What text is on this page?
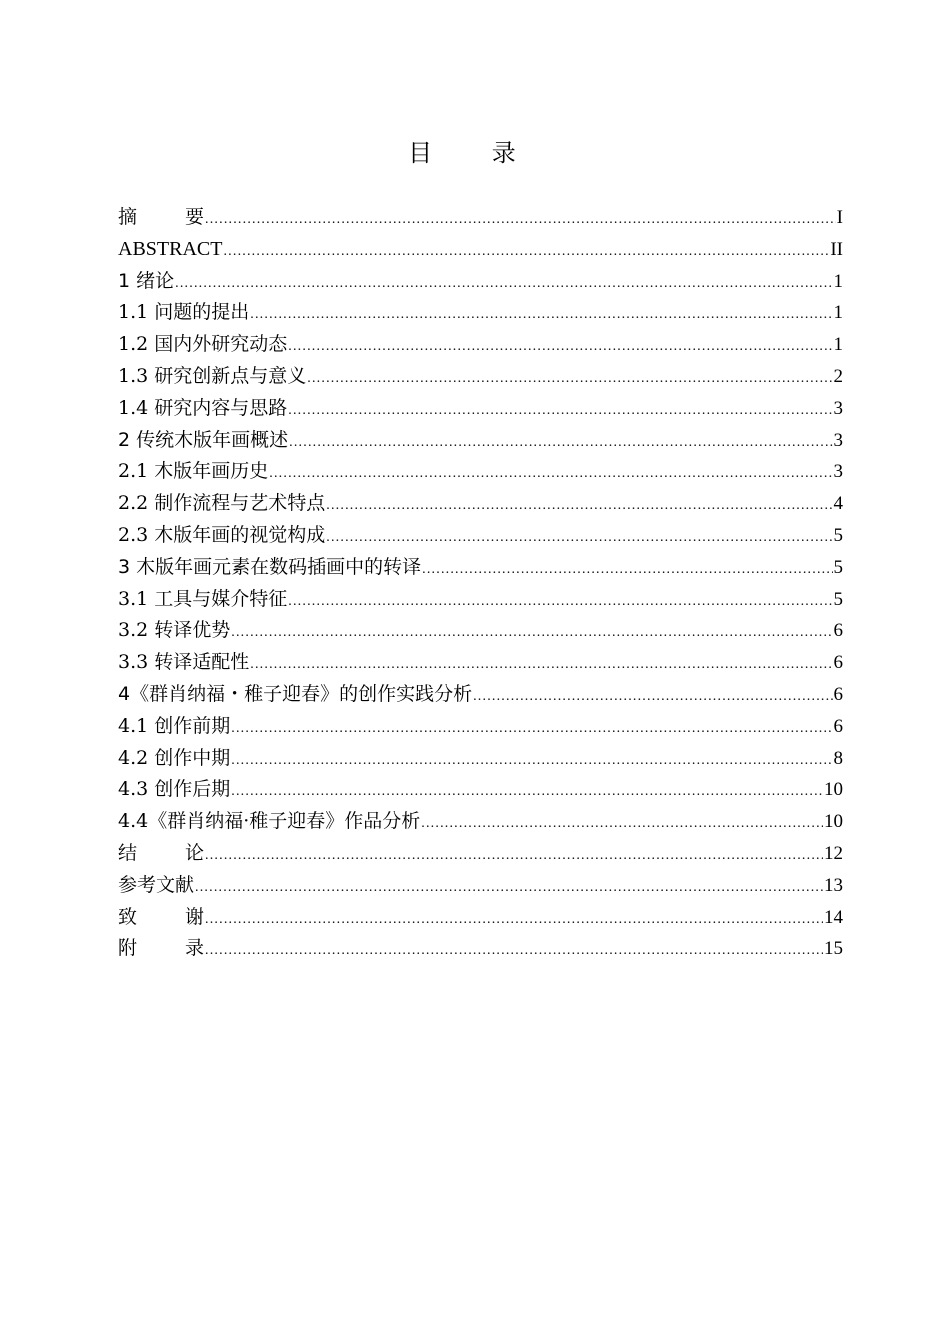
目 录
摘要 .....	I
ABSTRACT .....	II
1 绪论 .....	1
1.1 问题的提出 .....	1
1.2 国内外研究动态 .....	1
1.3 研究创新点与意义 .....	2
1.4 研究内容与思路 .....	3
2 传统木版年画概述 .....	3
2.1 木版年画历史 .....	3
2.2 制作流程与艺术特点 .....	4
2.3 木版年画的视觉构成 .....	5
3 木版年画元素在数码插画中的转译 .....	5
3.1 工具与媒介特征 .....	5
3.2 转译优势 .....	6
3.3 转译适配性 .....	6
4《群肖纳福・稚子迎春》的创作实践分析 .....	6
4.1 创作前期 .....	6
4.2 创作中期 .....	8
4.3 创作后期 .....	10
4.4《群肖纳福·稚子迎春》作品分析 .....	10
结论 .....	12
参考文献 .....	13
致谢 .....	14
附录 .....	15
